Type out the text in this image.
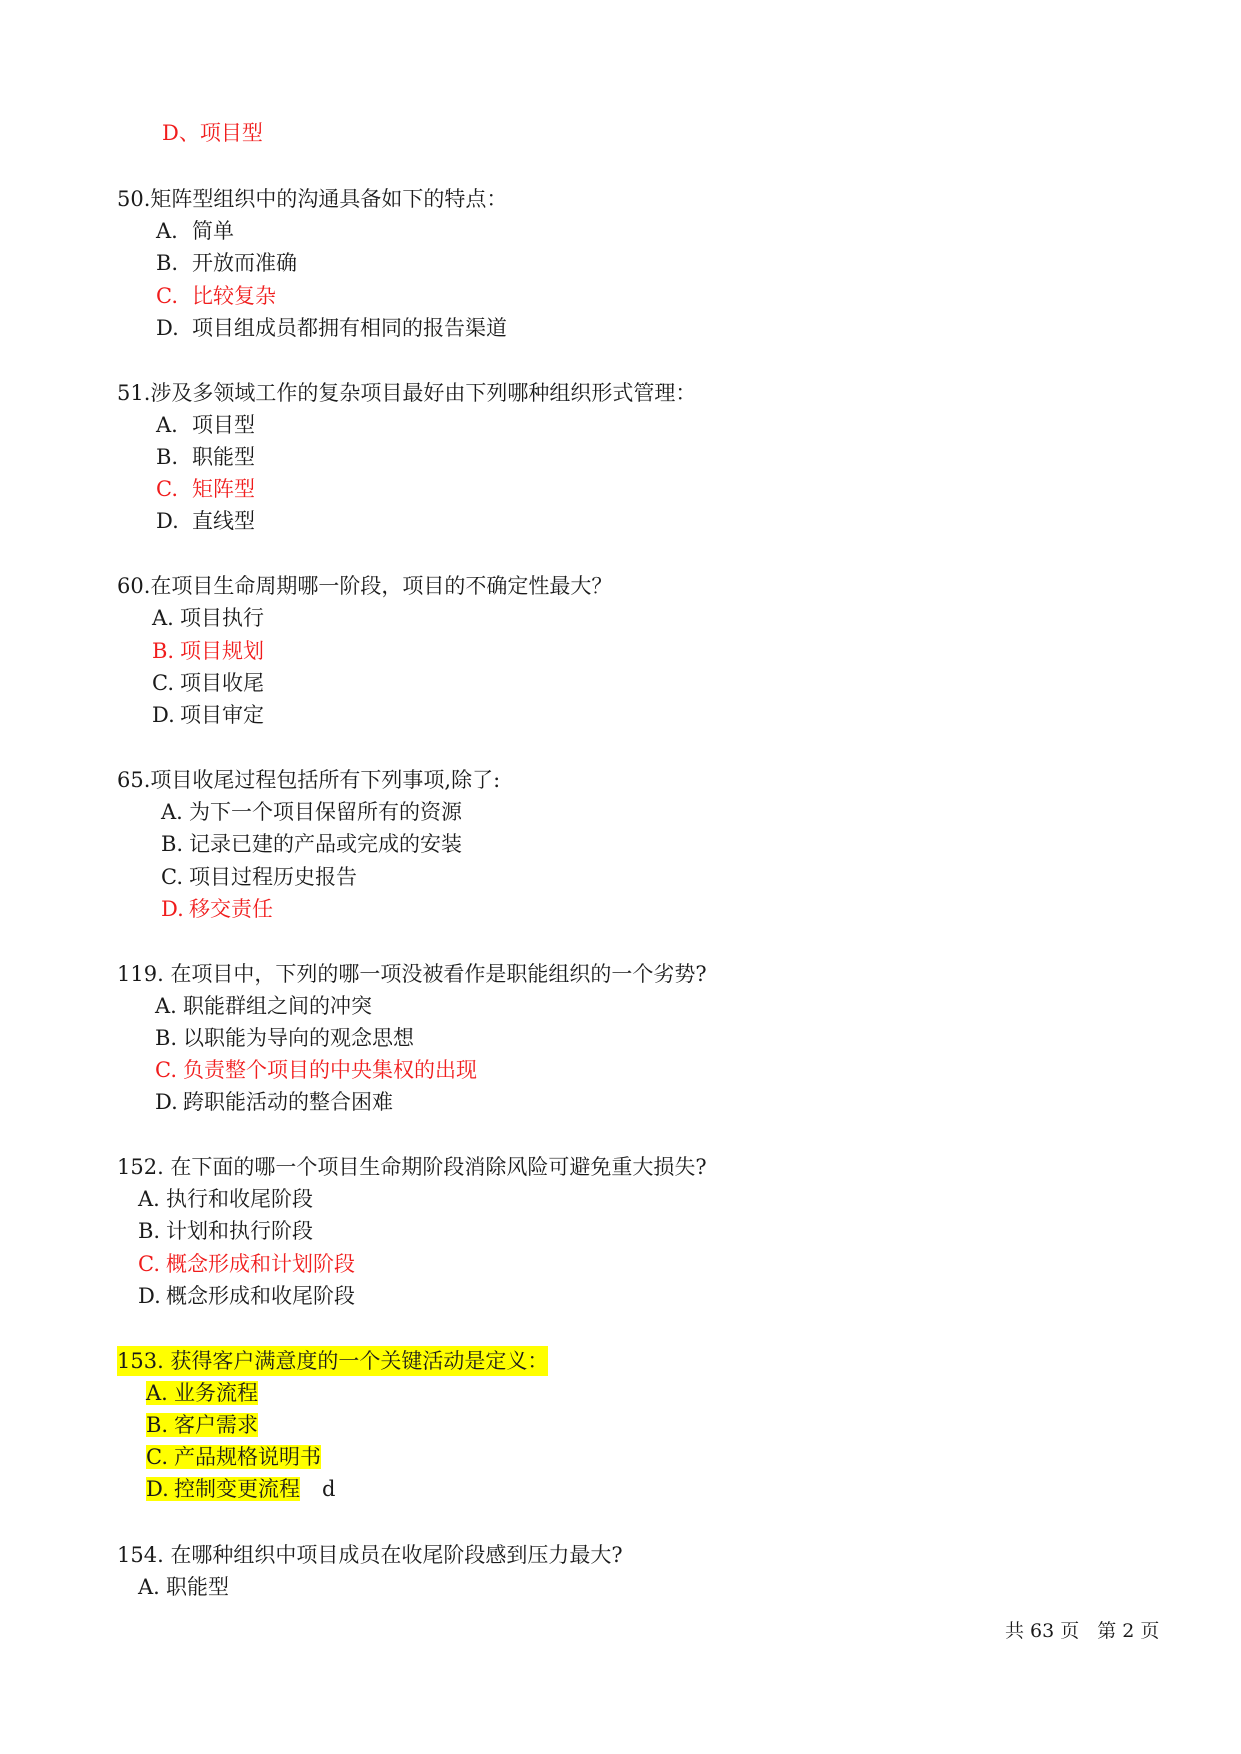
D、项目型
50.矩阵型组织中的沟通具备如下的特点：
A. 简单
B. 开放而准确
C. 比较复杂
D. 项目组成员都拥有相同的报告渠道
51.涉及多领域工作的复杂项目最好由下列哪种组织形式管理：
A. 项目型
B. 职能型
C. 矩阵型
D. 直线型
60.在项目生命周期哪一阶段，项目的不确定性最大？
A. 项目执行
B. 项目规划
C. 项目收尾
D. 项目审定
65.项目收尾过程包括所有下列事项,除了:
A. 为下一个项目保留所有的资源
B. 记录已建的产品或完成的安装
C. 项目过程历史报告
D. 移交责任
119. 在项目中，下列的哪一项没被看作是职能组织的一个劣势?
A. 职能群组之间的冲突
B. 以职能为导向的观念思想
C. 负责整个项目的中央集权的出现
D. 跨职能活动的整合困难
152. 在下面的哪一个项目生命期阶段消除风险可避免重大损失?
A. 执行和收尾阶段
B. 计划和执行阶段
C. 概念形成和计划阶段
D. 概念形成和收尾阶段
153. 获得客户满意度的一个关键活动是定义：
A. 业务流程
B. 客户需求
C. 产品规格说明书
D. 控制变更流程 d
154. 在哪种组织中项目成员在收尾阶段感到压力最大?
A. 职能型
共 63 页 第 2 页
